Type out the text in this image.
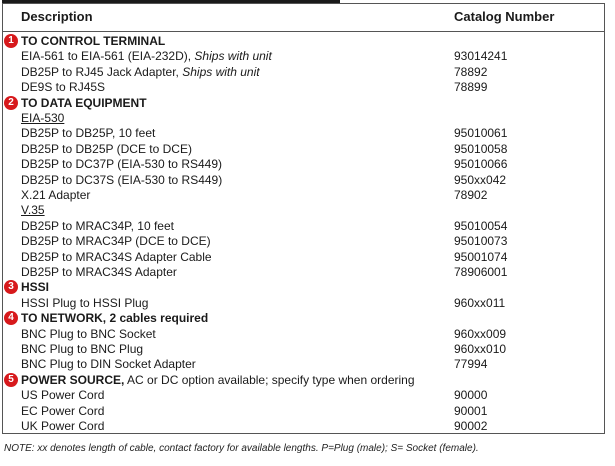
Description	Catalog Number
1 TO CONTROL TERMINAL
EIA-561 to EIA-561 (EIA-232D), Ships with unit	93014241
DB25P to RJ45 Jack Adapter, Ships with unit	78892
DE9S to RJ45S	78899
2 TO DATA EQUIPMENT
EIA-530
DB25P to DB25P, 10 feet	95010061
DB25P to DB25P (DCE to DCE)	95010058
DB25P to DC37P (EIA-530 to RS449)	95010066
DB25P to DC37S (EIA-530 to RS449)	950xx042
X.21 Adapter	78902
V.35
DB25P to MRAC34P, 10 feet	95010054
DB25P to MRAC34P (DCE to DCE)	95010073
DB25P to MRAC34S Adapter Cable	95001074
DB25P to MRAC34S Adapter	78906001
3 HSSI
HSSI Plug to HSSI Plug	960xx011
4 TO NETWORK, 2 cables required
BNC Plug to BNC Socket	960xx009
BNC Plug to BNC Plug	960xx010
BNC Plug to DIN Socket Adapter	77994
5 POWER SOURCE, AC or DC option available; specify type when ordering
US Power Cord	90000
EC Power Cord	90001
UK Power Cord	90002
NOTE: xx denotes length of cable, contact factory for available lengths. P=Plug (male); S= Socket (female).
